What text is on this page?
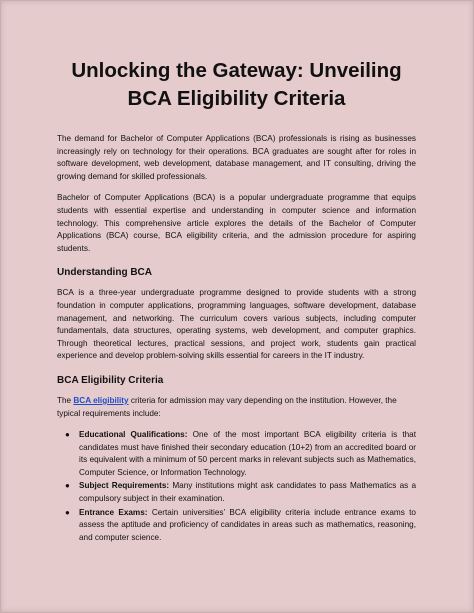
Unlocking the Gateway: Unveiling BCA Eligibility Criteria

The demand for Bachelor of Computer Applications (BCA) professionals is rising as businesses increasingly rely on technology for their operations. BCA graduates are sought after for roles in software development, web development, database management, and IT consulting, driving the growing demand for skilled professionals.

Bachelor of Computer Applications (BCA) is a popular undergraduate programme that equips students with essential expertise and understanding in computer science and information technology. This comprehensive article explores the details of the Bachelor of Computer Applications (BCA) course, BCA eligibility criteria, and the admission procedure for aspiring students.

Understanding BCA

BCA is a three-year undergraduate programme designed to provide students with a strong foundation in computer applications, programming languages, software development, database management, and networking. The curriculum covers various subjects, including computer fundamentals, data structures, operating systems, web development, and computer graphics. Through theoretical lectures, practical sessions, and project work, students gain practical experience and develop problem-solving skills essential for careers in the IT industry.

BCA Eligibility Criteria

The BCA eligibility criteria for admission may vary depending on the institution. However, the typical requirements include:

● Educational Qualifications: One of the most important BCA eligibility criteria is that candidates must have finished their secondary education (10+2) from an accredited board or its equivalent with a minimum of 50 percent marks in relevant subjects such as Mathematics, Computer Science, or Information Technology.
● Subject Requirements: Many institutions might ask candidates to pass Mathematics as a compulsory subject in their examination.
● Entrance Exams: Certain universities’ BCA eligibility criteria include entrance exams to assess the aptitude and proficiency of candidates in areas such as mathematics, reasoning, and computer science.
